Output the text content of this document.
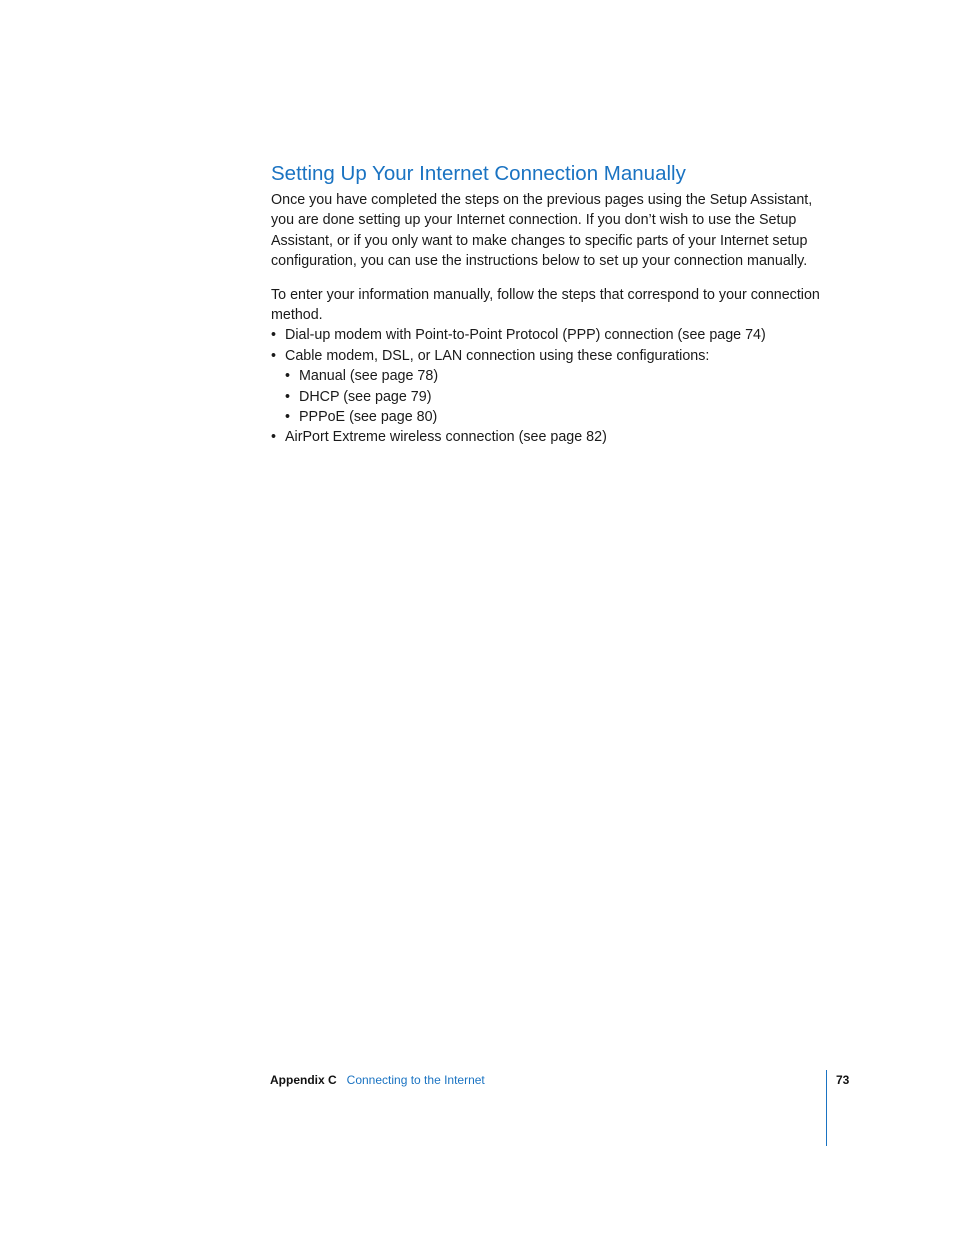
Setting Up Your Internet Connection Manually

Once you have completed the steps on the previous pages using the Setup Assistant, you are done setting up your Internet connection. If you don’t wish to use the Setup Assistant, or if you only want to make changes to specific parts of your Internet setup configuration, you can use the instructions below to set up your connection manually.

To enter your information manually, follow the steps that correspond to your connection method.

• Dial-up modem with Point-to-Point Protocol (PPP) connection (see page 74)
• Cable modem, DSL, or LAN connection using these configurations:
• Manual (see page 78)
• DHCP (see page 79)
• PPPoE (see page 80)
• AirPort Extreme wireless connection (see page 82)
Appendix C Connecting to the Internet	73
